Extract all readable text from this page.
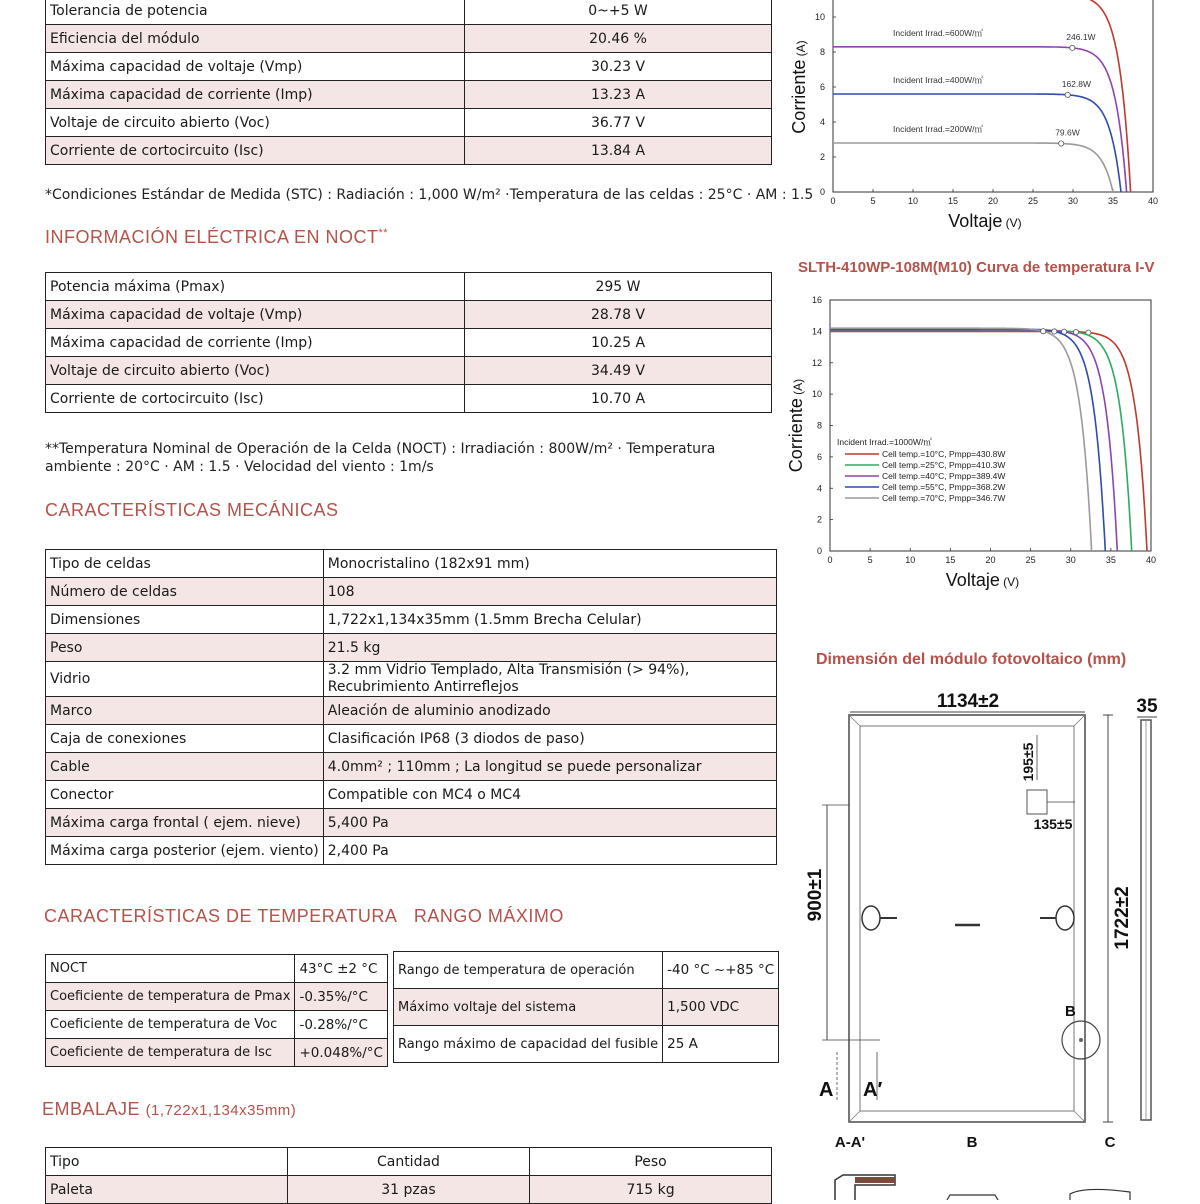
Tolerancia de potencia	0~+5 W
Eficiencia del módulo	20.46 %
Máxima capacidad de voltaje (Vmp)	30.23 V
Máxima capacidad de corriente (Imp)	13.23 A
Voltaje de circuito abierto (Voc)	36.77 V
Corriente de cortocircuito (Isc)	13.84 A
*Condiciones Estándar de Medida (STC) : Radiación : 1,000 W/m² ·Temperatura de las celdas : 25°C · AM : 1.5
INFORMACIÓN ELÉCTRICA EN NOCT**
Potencia máxima (Pmax)	295 W
Máxima capacidad de voltaje (Vmp)	28.78 V
Máxima capacidad de corriente (Imp)	10.25 A
Voltaje de circuito abierto (Voc)	34.49 V
Corriente de cortocircuito (Isc)	10.70 A
**Temperatura Nominal de Operación de la Celda (NOCT) : Irradiación : 800W/m² · Temperatura ambiente : 20°C · AM : 1.5 · Velocidad del viento : 1m/s
CARACTERÍSTICAS MECÁNICAS
Tipo de celdas	Monocristalino (182x91 mm)
Número de celdas	108
Dimensiones	1,722x1,134x35mm (1.5mm Brecha Celular)
Peso	21.5 kg
Vidrio	3.2 mm Vidrio Templado, Alta Transmisión (> 94%),
Recubrimiento Antirreflejos
Marco	Aleación de aluminio anodizado
Caja de conexiones	Clasificación IP68 (3 diodos de paso)
Cable	4.0mm² ; 110mm ; La longitud se puede personalizar
Conector	Compatible con MC4 o MC4
Máxima carga frontal ( ejem. nieve)	5,400 Pa
Máxima carga posterior (ejem. viento)	2,400 Pa
CARACTERÍSTICAS DE TEMPERATURA RANGO MÁXIMO
NOCT	43°C ±2 °C
Coeficiente de temperatura de Pmax	-0.35%/°C
Coeficiente de temperatura de Voc	-0.28%/°C
Coeficiente de temperatura de Isc	+0.048%/°C
Rango de temperatura de operación	-40 °C ~+85 °C
Máximo voltaje del sistema	1,500 VDC
Rango máximo de capacidad del fusible	25 A
EMBALAJE (1,722x1,134x35mm)
Tipo	Cantidad	Peso
Paleta	31 pzas	715 kg
0	5	10	15	20	25	30	35	40
0
2
4
6
8
10
Voltaje (V)
Corriente (A)
Incident Irrad.=600W/㎡	246.1W
Incident Irrad.=400W/㎡	162.8W
Incident Irrad.=200W/㎡	79.6W
SLTH-410WP-108M(M10) Curva de temperatura I-V
0	5	10	15	20	25	30	35	40
0
2
4
6
8
10
12
14
16
Voltaje (V)
Corriente (A)
Incident Irrad.=1000W/㎡
Cell temp.=10°C, Pmpp=430.8W
Cell temp.=25°C, Pmpp=410.3W
Cell temp.=40°C, Pmpp=389.4W
Cell temp.=55°C, Pmpp=368.2W
Cell temp.=70°C, Pmpp=346.7W
Dimensión del módulo fotovoltaico (mm)
1134±2	35
1722±2
900±1
195±5
135±5
B
A A′
A-A'	B	C
